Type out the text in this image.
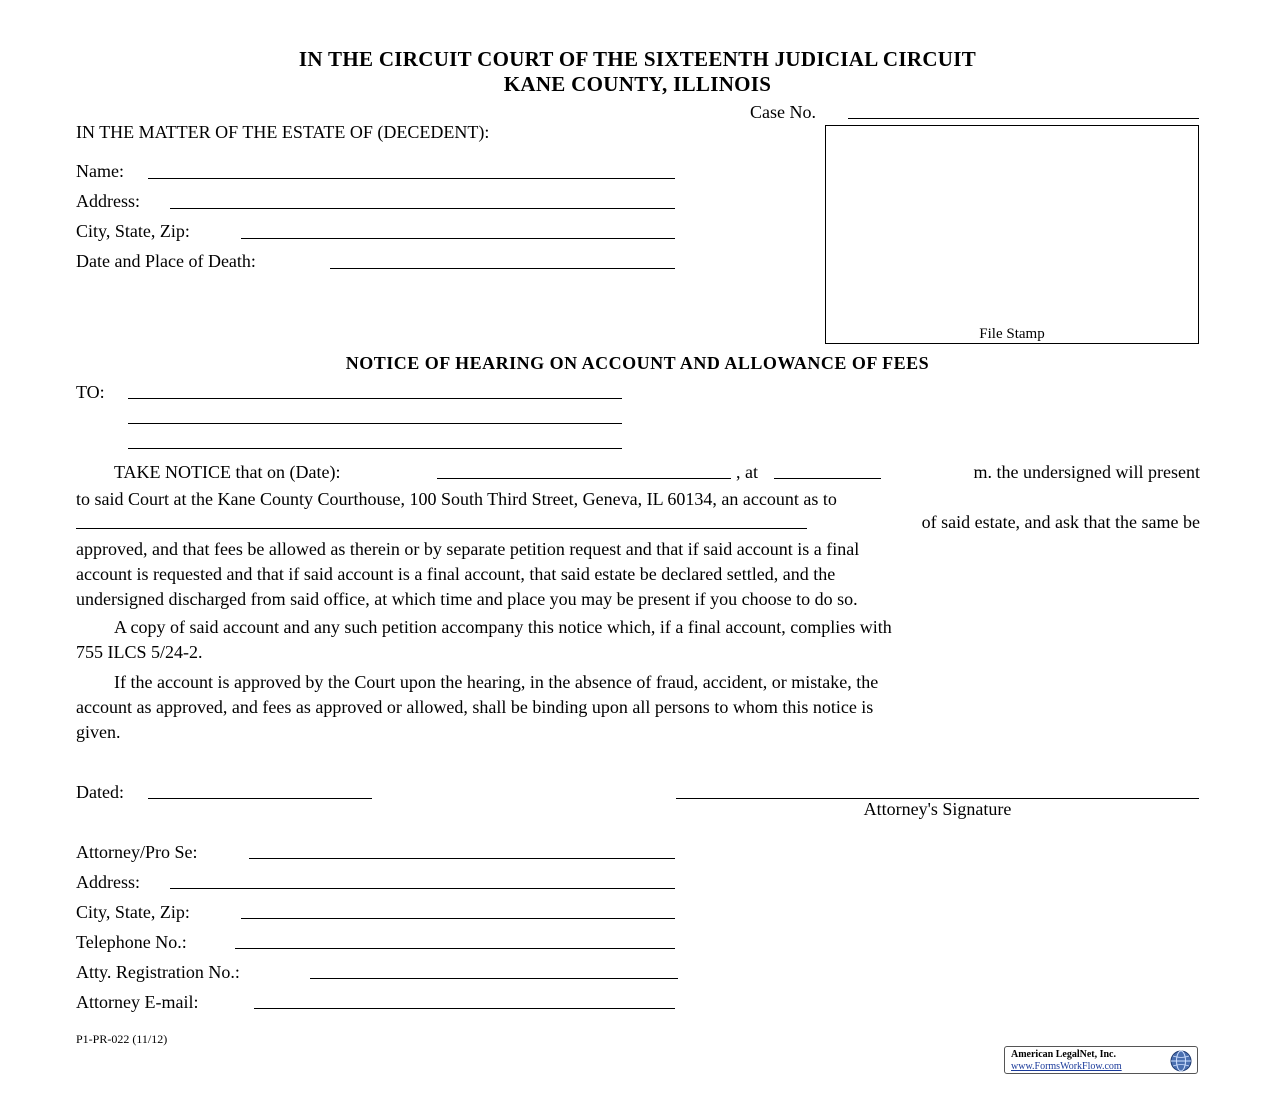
IN THE CIRCUIT COURT OF THE SIXTEENTH JUDICIAL CIRCUIT
KANE COUNTY, ILLINOIS
Case No.
IN THE MATTER OF THE ESTATE OF (DECEDENT):
Name:
Address:
City, State, Zip:
Date and Place of Death:
File Stamp
NOTICE OF HEARING ON ACCOUNT AND ALLOWANCE OF FEES
TO:
TAKE NOTICE that on (Date):	, at	m. the undersigned will present
to said Court at the Kane County Courthouse, 100 South Third Street, Geneva, IL 60134, an account as to
of said estate, and ask that the same be
approved, and that fees be allowed as therein or by separate petition request and that if said account is a final
account is requested and that if said account is a final account, that said estate be declared settled, and the
undersigned discharged from said office, at which time and place you may be present if you choose to do so.
A copy of said account and any such petition accompany this notice which, if a final account, complies with
755 ILCS 5/24-2.
If the account is approved by the Court upon the hearing, in the absence of fraud, accident, or mistake, the
account as approved, and fees as approved or allowed, shall be binding upon all persons to whom this notice is
given.
Dated:
Attorney's Signature
Attorney/Pro Se:
Address:
City, State, Zip:
Telephone No.:
Atty. Registration No.:
Attorney E-mail:
P1-PR-022 (11/12)
American LegalNet, Inc.
www.FormsWorkFlow.com
